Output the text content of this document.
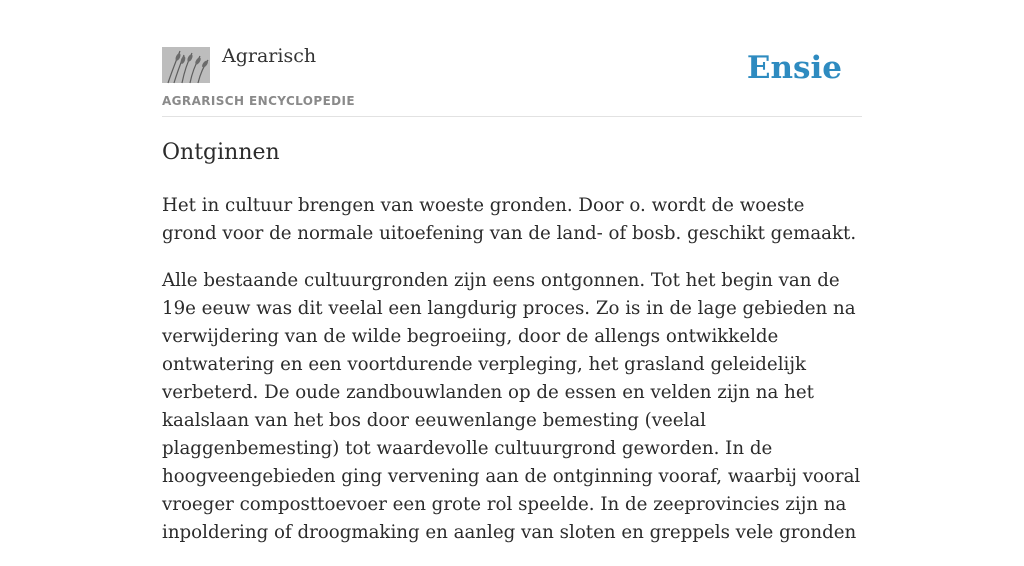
Agrarisch
AGRARISCH ENCYCLOPEDIE
Ensie
Ontginnen

Het in cultuur brengen van woeste gronden. Door o. wordt de woeste grond voor de normale uitoefening van de land- of bosb. geschikt gemaakt.

Alle bestaande cultuurgronden zijn eens ontgonnen. Tot het begin van de 19e eeuw was dit veelal een langdurig proces. Zo is in de lage gebieden na verwijdering van de wilde begroeiing, door de allengs ontwikkelde ontwatering en een voortdurende verpleging, het grasland geleidelijk verbeterd. De oude zandbouwlanden op de essen en velden zijn na het kaalslaan van het bos door eeuwenlange bemesting (veelal plaggenbemesting) tot waardevolle cultuurgrond geworden. In de hoogveengebieden ging vervening aan de ontginning vooraf, waarbij vooral vroeger composttoevoer een grote rol speelde. In de zeeprovincies zijn na inpoldering of droogmaking en aanleg van sloten en greppels vele gronden
